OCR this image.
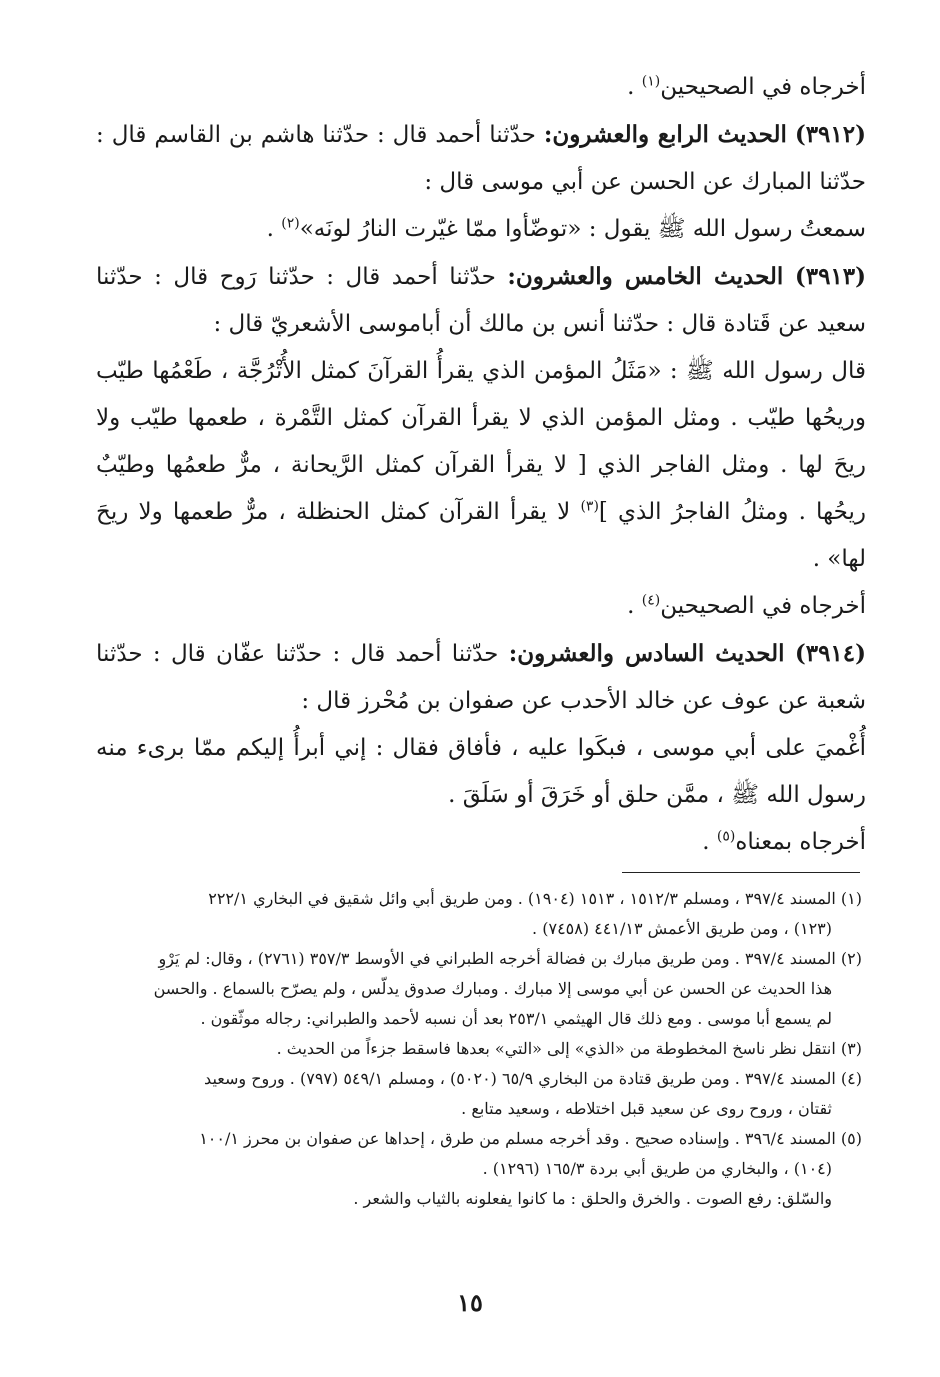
أخرجاه في الصحيحين$^{(١)}$ .

(٣٩١٢) الحديث الرابع والعشرون: حدّثنا أحمد قال : حدّثنا هاشم بن القاسم قال : حدّثنا المبارك عن الحسن عن أبي موسى قال :

سمعتُ رسول الله ﷺ يقول : «توضّأوا ممّا غيّرت النارُ لونَه»$^{(٢)}$ .

(٣٩١٣) الحديث الخامس والعشرون: حدّثنا أحمد قال : حدّثنا رَوح قال : حدّثنا سعيد عن قَتادة قال : حدّثنا أنس بن مالك أن أباموسى الأشعريّ قال :

قال رسول الله ﷺ : «مَثَلُ المؤمن الذي يقرأُ القرآنَ كمثل الأُتْرُجَّة ، طَعْمُها طيّب وريحُها طيّب . ومثل المؤمن الذي لا يقرأ القرآن كمثل التَّمْرة ، طعمها طيّب ولا ريحَ لها . ومثل الفاجر الذي [ لا يقرأ القرآن كمثل الرَّيحانة ، مرٌّ طعمُها وطيّبٌ ريحُها . ومثلُ الفاجرُ الذي ]$^{(٣)}$ لا يقرأ القرآن كمثل الحنظلة ، مرٌّ طعمها ولا ريحَ لها» .

أخرجاه في الصحيحين$^{(٤)}$ .

(٣٩١٤) الحديث السادس والعشرون: حدّثنا أحمد قال : حدّثنا عفّان قال : حدّثنا شعبة عن عوف عن خالد الأحدب عن صفوان بن مُحْرز قال :

أُغْميَ على أبي موسى ، فبكَوا عليه ، فأفاق فقال : إني أبرأُ إليكم ممّا برىء منه رسول الله ﷺ ، ممَّن حلق أو خَرَقَ أو سَلَقَ .

أخرجاه بمعناه$^{(٥)}$ .

(١) المسند ٣٩٧/٤ ، ومسلم ١٥١٢/٣ ، ١٥١٣ (١٩٠٤) . ومن طريق أبي وائل شقيق في البخاري ٢٢٢/١

(١٢٣) ، ومن طريق الأعمش ٤٤١/١٣ (٧٤٥٨) .

(٢) المسند ٣٩٧/٤ . ومن طريق مبارك بن فضالة أخرجه الطبراني في الأوسط ٣٥٧/٣ (٢٧٦١) ، وقال: لم يَرْوِ

هذا الحديث عن الحسن عن أبي موسى إلا مبارك . ومبارك صدوق يدلّس ، ولم يصرّح بالسماع . والحسن

لم يسمع أبا موسى . ومع ذلك قال الهيثمي ٢٥٣/١ بعد أن نسبه لأحمد والطبراني: رجاله موثّقون .

(٣) انتقل نظر ناسخ المخطوطة من «الذي» إلى «التي» بعدها فاسقط جزءاً من الحديث .

(٤) المسند ٣٩٧/٤ . ومن طريق قتادة من البخاري ٦٥/٩ (٥٠٢٠) ، ومسلم ٥٤٩/١ (٧٩٧) . وروح وسعيد

ثقتان ، وروح روى عن سعيد قبل اختلاطه ، وسعيد متابع .

(٥) المسند ٣٩٦/٤ . وإسناده صحيح . وقد أخرجه مسلم من طرق ، إحداها عن صفوان بن محرز ١٠٠/١

(١٠٤) ، والبخاري من طريق أبي بردة ١٦٥/٣ (١٢٩٦) .

والسّلق: رفع الصوت . والخرق والحلق : ما كانوا يفعلونه بالثياب والشعر .

١٥
